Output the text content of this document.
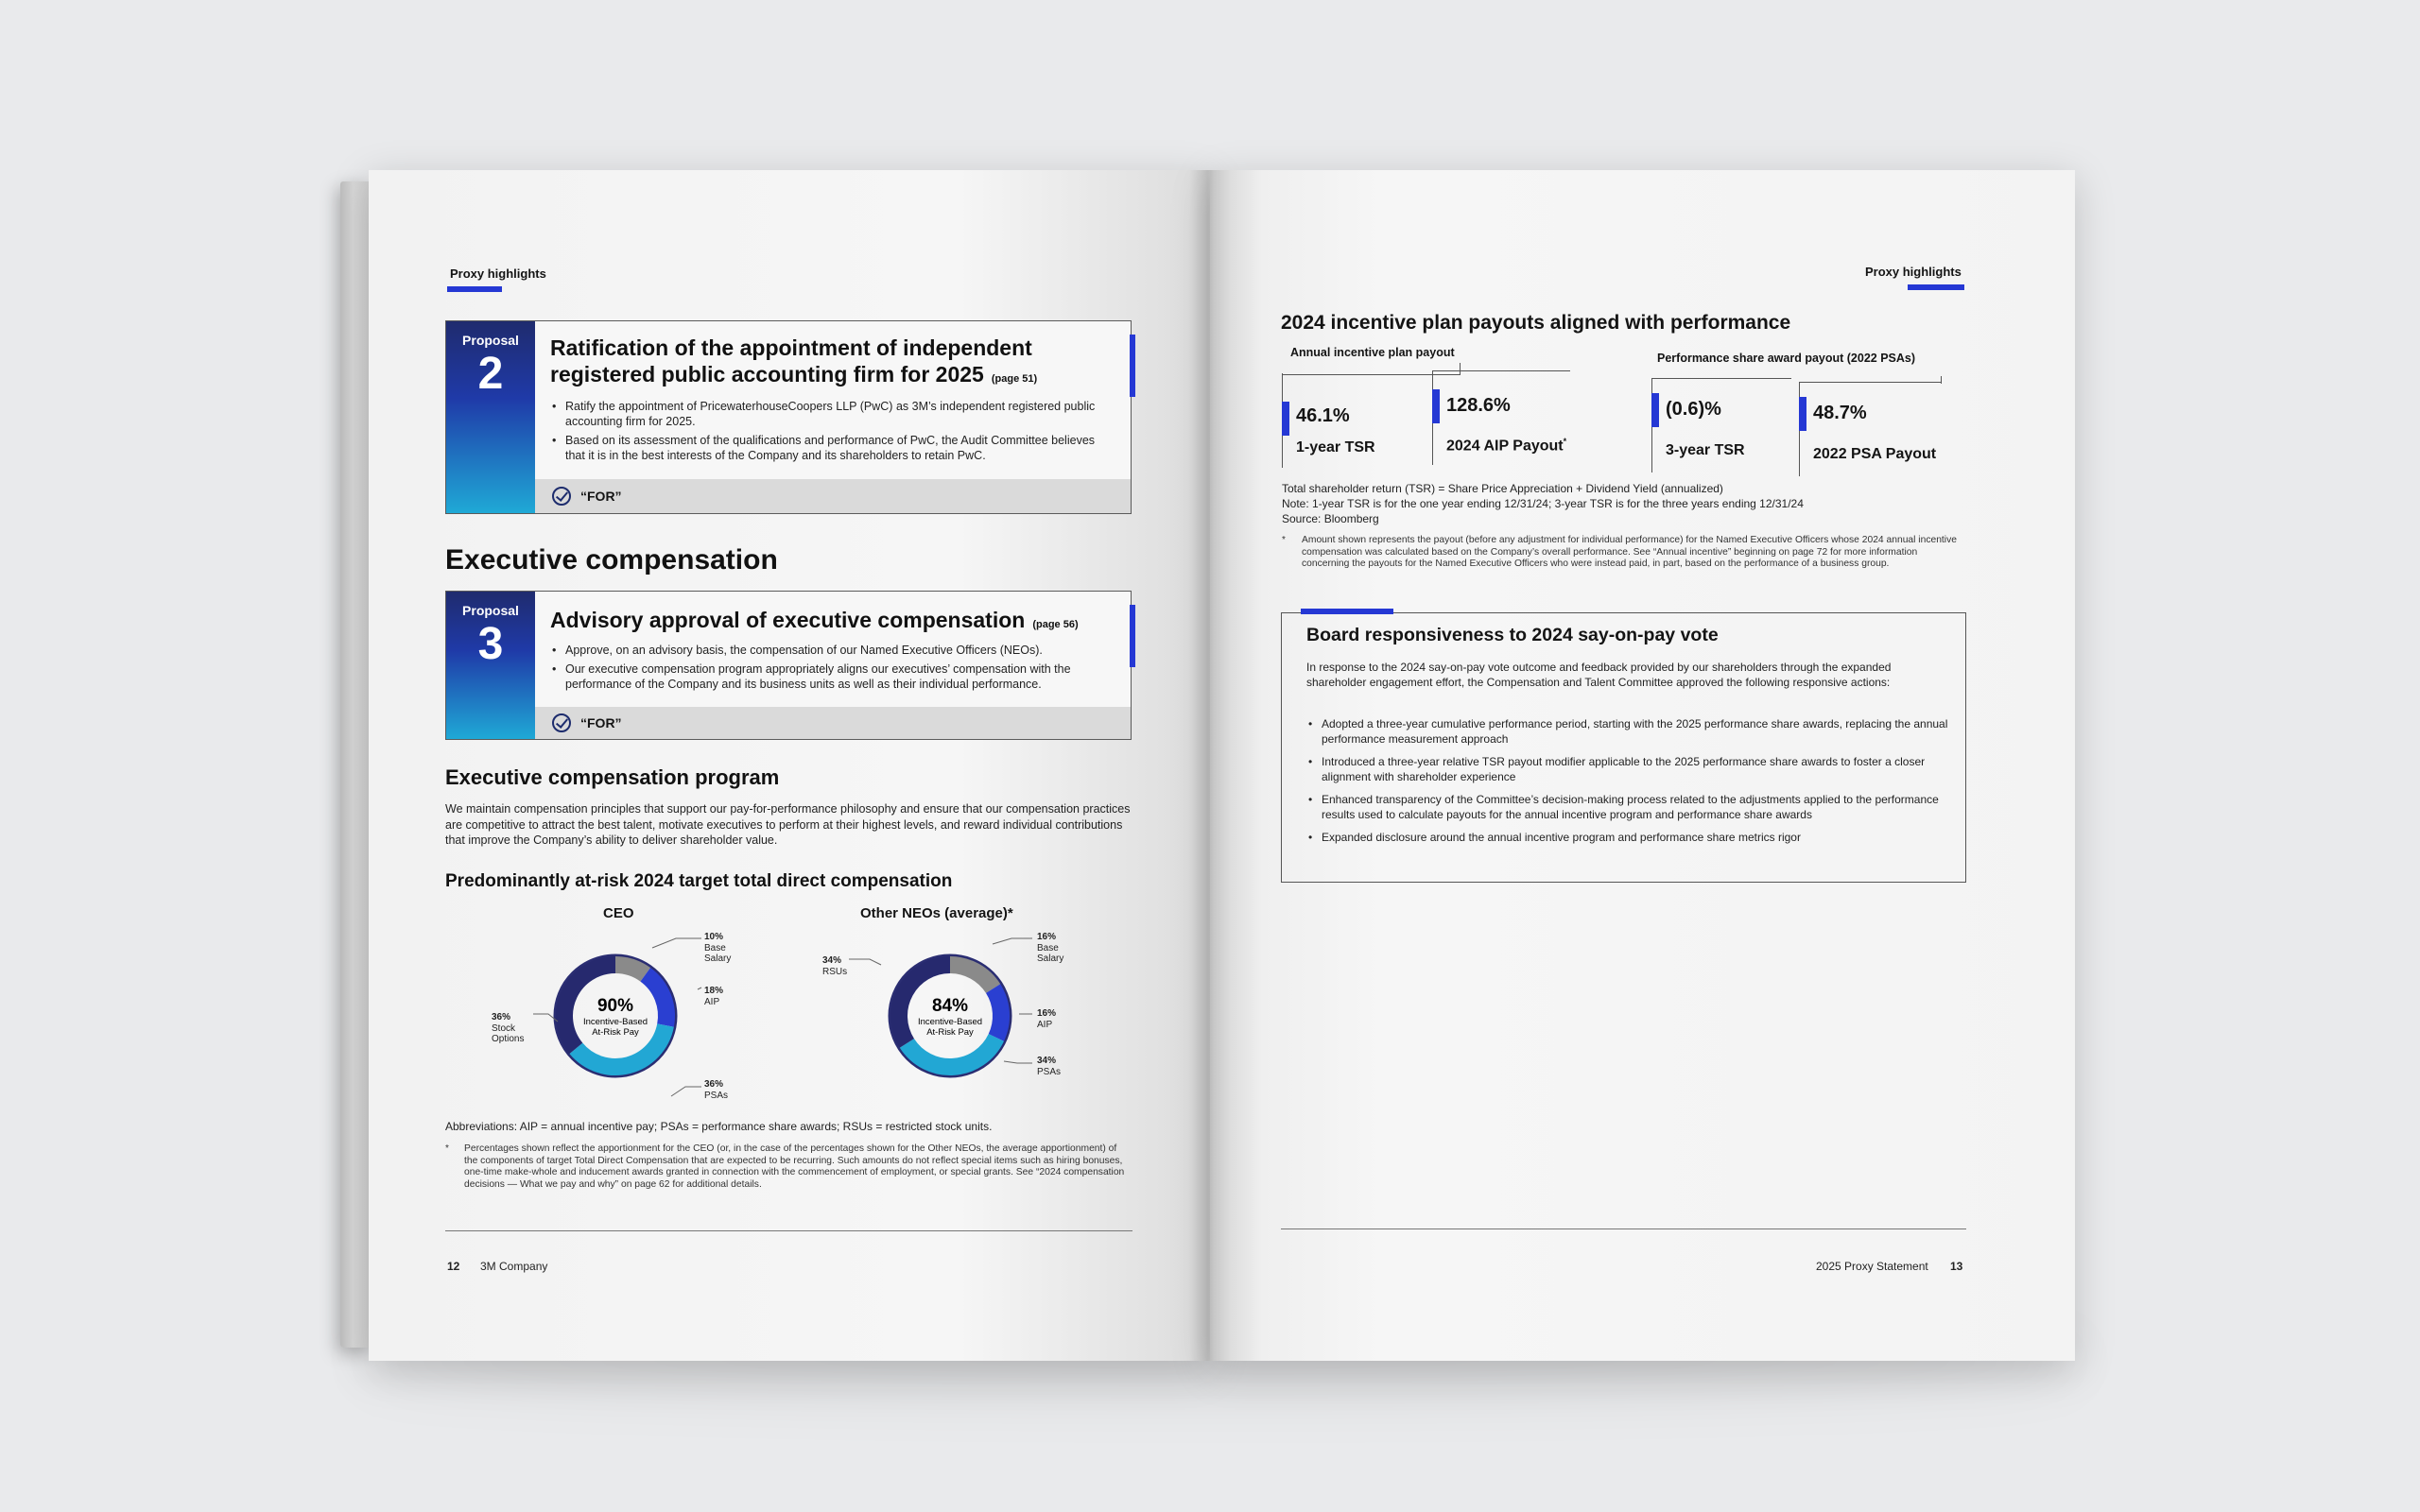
Proxy highlights
Proposal
2
Ratification of the appointment of independent
registered public accounting firm for 2025 (page 51)
• Ratify the appointment of PricewaterhouseCoopers LLP (PwC) as 3M’s independent registered public accounting firm for 2025.
• Based on its assessment of the qualifications and performance of PwC, the Audit Committee believes that it is in the best interests of the Company and its shareholders to retain PwC.
“FOR”
Executive compensation
Proposal
3	Advisory approval of executive compensation (page 56)
• Approve, on an advisory basis, the compensation of our Named Executive Officers (NEOs).
• Our executive compensation program appropriately aligns our executives’ compensation with the performance of the Company and its business units as well as their individual performance.
“FOR”
Executive compensation program
We maintain compensation principles that support our pay-for-performance philosophy and ensure that our compensation practices are competitive to attract the best talent, motivate executives to perform at their highest levels, and reward individual contributions that improve the Company’s ability to deliver shareholder value.
Predominantly at-risk 2024 target total direct compensation
CEO
90%
Incentive-Based
At-Risk Pay
10%
Base
Salary
18%
AIP
36%
PSAs
36%
Stock
Options
Other NEOs (average)*
84%
Incentive-Based
At-Risk Pay
16%
Base
Salary
16%
AIP
34%
PSAs
34%
RSUs
Abbreviations: AIP = annual incentive pay; PSAs = performance share awards; RSUs = restricted stock units.
* Percentages shown reflect the apportionment for the CEO (or, in the case of the percentages shown for the Other NEOs, the average apportionment) of the components of target Total Direct Compensation that are expected to be recurring. Such amounts do not reflect special items such as hiring bonuses, one-time make-whole and inducement awards granted in connection with the commencement of employment, or special grants. See “2024 compensation decisions — What we pay and why” on page 62 for additional details.
12 3M Company
Proxy highlights
2024 incentive plan payouts aligned with performance
Annual incentive plan payout	Performance share award payout (2022 PSAs)
46.1%
1-year TSR
128.6%
2024 AIP Payout*
(0.6)%
3-year TSR
48.7%
2022 PSA Payout
Total shareholder return (TSR) = Share Price Appreciation + Dividend Yield (annualized)
Note: 1-year TSR is for the one year ending 12/31/24; 3-year TSR is for the three years ending 12/31/24
Source: Bloomberg
* Amount shown represents the payout (before any adjustment for individual performance) for the Named Executive Officers whose 2024 annual incentive compensation was calculated based on the Company’s overall performance. See “Annual incentive” beginning on page 72 for more information concerning the payouts for the Named Executive Officers who were instead paid, in part, based on the performance of a business group.
Board responsiveness to 2024 say-on-pay vote
In response to the 2024 say-on-pay vote outcome and feedback provided by our shareholders through the expanded shareholder engagement effort, the Compensation and Talent Committee approved the following responsive actions:
• Adopted a three-year cumulative performance period, starting with the 2025 performance share awards, replacing the annual performance measurement approach
• Introduced a three-year relative TSR payout modifier applicable to the 2025 performance share awards to foster a closer alignment with shareholder experience
• Enhanced transparency of the Committee’s decision-making process related to the adjustments applied to the performance results used to calculate payouts for the annual incentive program and performance share awards
• Expanded disclosure around the annual incentive program and performance share metrics rigor
2025 Proxy Statement 13
